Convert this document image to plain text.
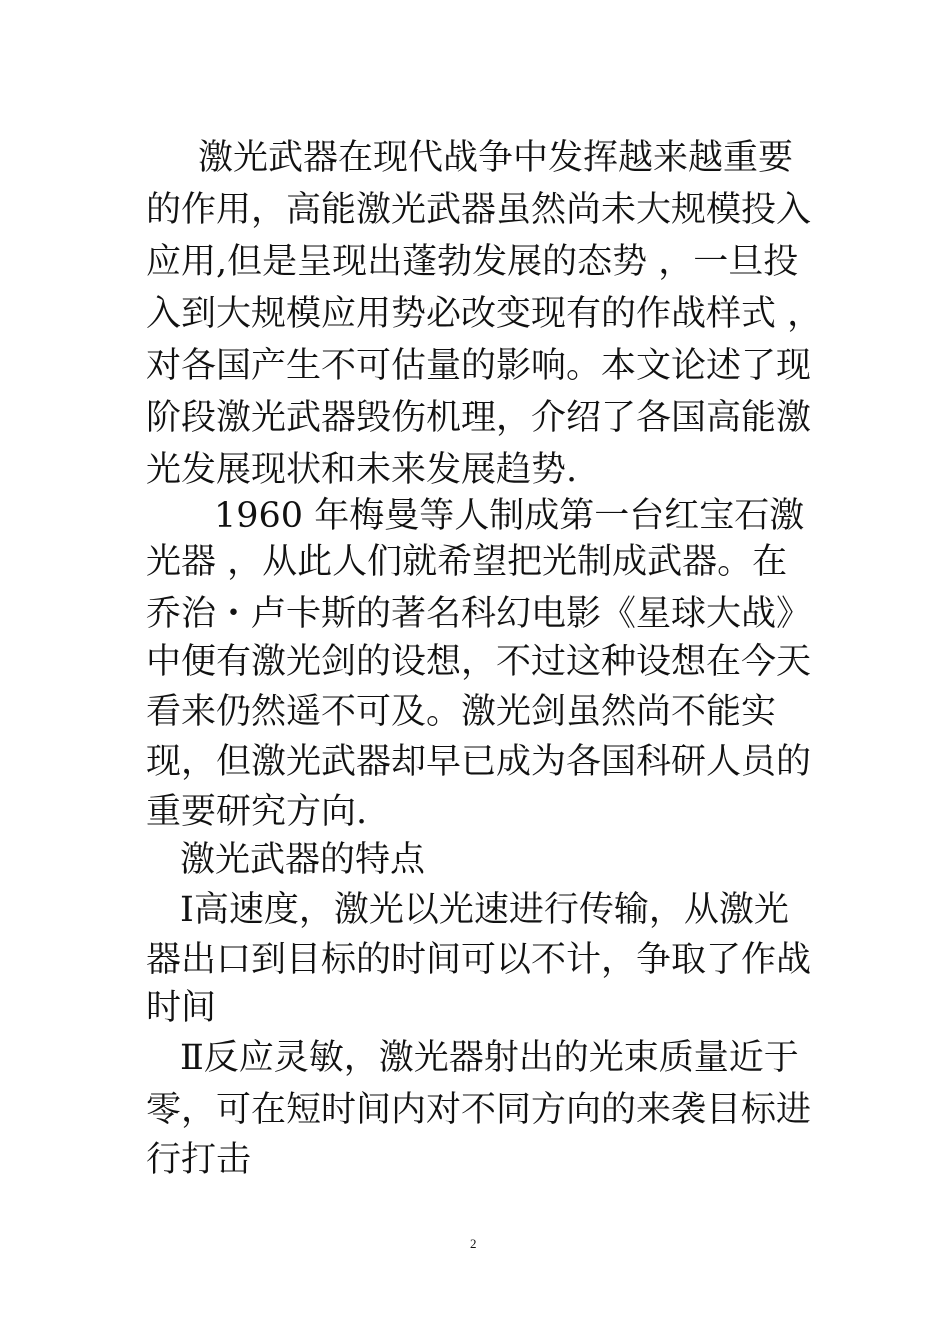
激光武器在现代战争中发挥越来越重要
的作用，高能激光武器虽然尚未大规模投入
应用,但是呈现出蓬勃发展的态势 ，一旦投
入到大规模应用势必改变现有的作战样式 ，
对各国产生不可估量的影响。本文论述了现
阶段激光武器毁伤机理，介绍了各国高能激
光发展现状和未来发展趋势.
1960 年梅曼等人制成第一台红宝石激
光器 ，从此人们就希望把光制成武器。在
乔治・卢卡斯的著名科幻电影《星球大战》
中便有激光剑的设想，不过这种设想在今天
看来仍然遥不可及。激光剑虽然尚不能实
现，但激光武器却早已成为各国科研人员的
重要研究方向.
激光武器的特点
Ⅰ高速度，激光以光速进行传输，从激光
器出口到目标的时间可以不计，争取了作战
时间
Ⅱ反应灵敏，激光器射出的光束质量近于
零，可在短时间内对不同方向的来袭目标进
行打击
2
